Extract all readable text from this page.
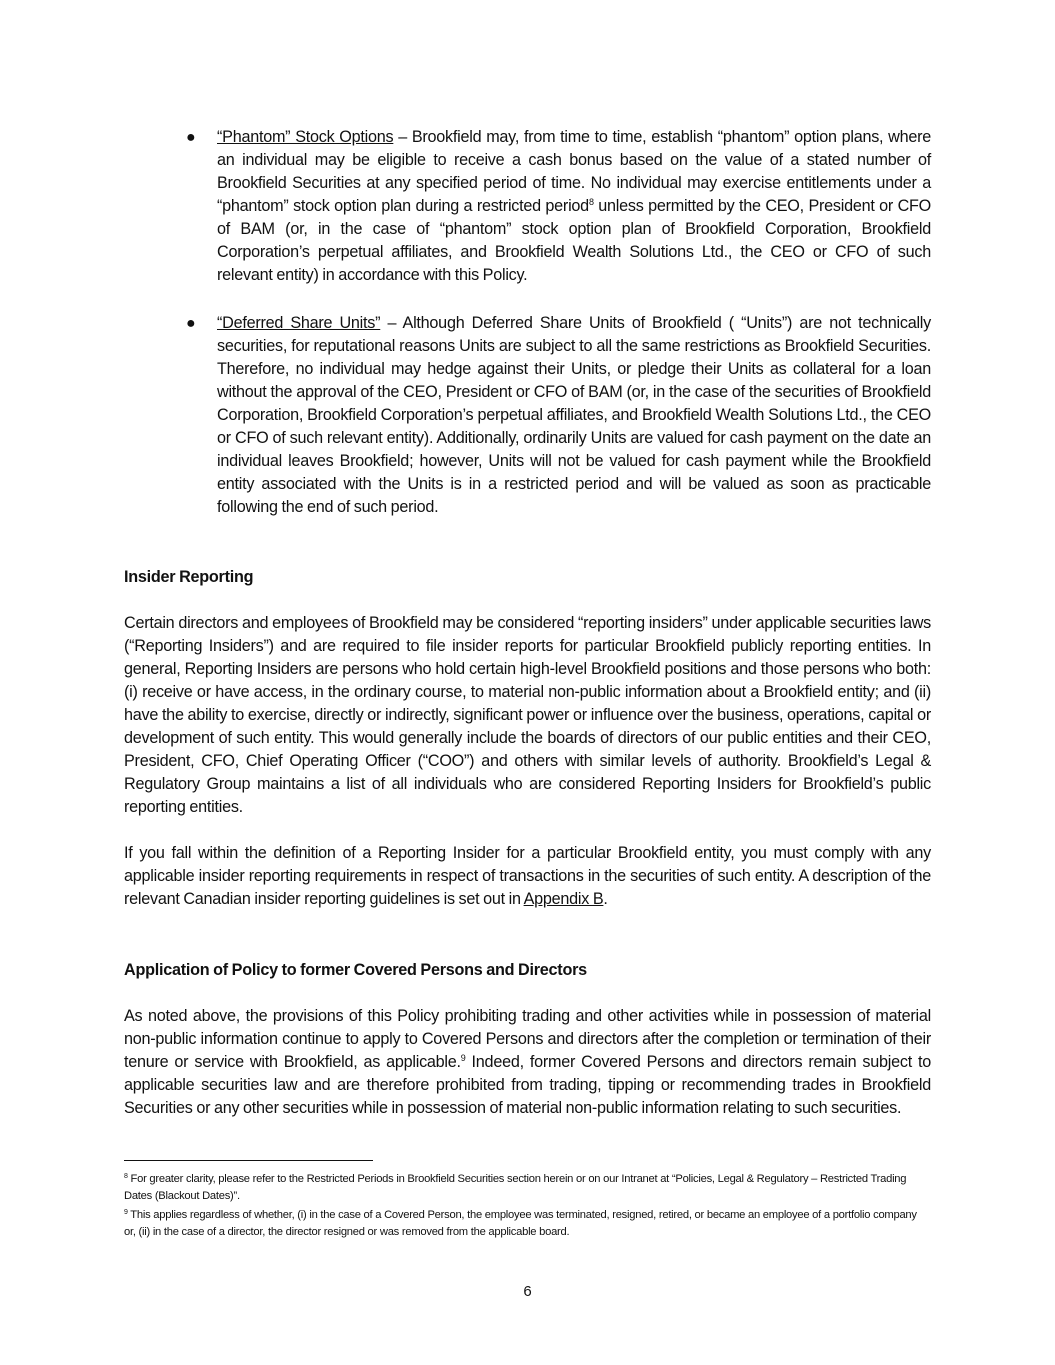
● “Phantom” Stock Options – Brookfield may, from time to time, establish “phantom” option plans, where an individual may be eligible to receive a cash bonus based on the value of a stated number of Brookfield Securities at any specified period of time. No individual may exercise entitlements under a “phantom” stock option plan during a restricted period$^8$ unless permitted by the CEO, President or CFO of BAM (or, in the case of “phantom” stock option plan of Brookfield Corporation, Brookfield Corporation’s perpetual affiliates, and Brookfield Wealth Solutions Ltd., the CEO or CFO of such relevant entity) in accordance with this Policy.
● “Deferred Share Units” – Although Deferred Share Units of Brookfield ( “Units”) are not technically securities, for reputational reasons Units are subject to all the same restrictions as Brookfield Securities. Therefore, no individual may hedge against their Units, or pledge their Units as collateral for a loan without the approval of the CEO, President or CFO of BAM (or, in the case of the securities of Brookfield Corporation, Brookfield Corporation’s perpetual affiliates, and Brookfield Wealth Solutions Ltd., the CEO or CFO of such relevant entity). Additionally, ordinarily Units are valued for cash payment on the date an individual leaves Brookfield; however, Units will not be valued for cash payment while the Brookfield entity associated with the Units is in a restricted period and will be valued as soon as practicable following the end of such period.
Insider Reporting
Certain directors and employees of Brookfield may be considered “reporting insiders” under applicable securities laws (“Reporting Insiders”) and are required to file insider reports for particular Brookfield publicly reporting entities. In general, Reporting Insiders are persons who hold certain high-level Brookfield positions and those persons who both: (i) receive or have access, in the ordinary course, to material non-public information about a Brookfield entity; and (ii) have the ability to exercise, directly or indirectly, significant power or influence over the business, operations, capital or development of such entity. This would generally include the boards of directors of our public entities and their CEO, President, CFO, Chief Operating Officer (“COO”) and others with similar levels of authority. Brookfield’s Legal & Regulatory Group maintains a list of all individuals who are considered Reporting Insiders for Brookfield’s public reporting entities.
If you fall within the definition of a Reporting Insider for a particular Brookfield entity, you must comply with any applicable insider reporting requirements in respect of transactions in the securities of such entity. A description of the relevant Canadian insider reporting guidelines is set out in Appendix B.
Application of Policy to former Covered Persons and Directors
As noted above, the provisions of this Policy prohibiting trading and other activities while in possession of material non-public information continue to apply to Covered Persons and directors after the completion or termination of their tenure or service with Brookfield, as applicable.$^9$ Indeed, former Covered Persons and directors remain subject to applicable securities law and are therefore prohibited from trading, tipping or recommending trades in Brookfield Securities or any other securities while in possession of material non-public information relating to such securities.
$^8$ For greater clarity, please refer to the Restricted Periods in Brookfield Securities section herein or on our Intranet at “Policies, Legal & Regulatory – Restricted Trading Dates (Blackout Dates)”.
$^9$ This applies regardless of whether, (i) in the case of a Covered Person, the employee was terminated, resigned, retired, or became an employee of a portfolio company or, (ii) in the case of a director, the director resigned or was removed from the applicable board.
6
